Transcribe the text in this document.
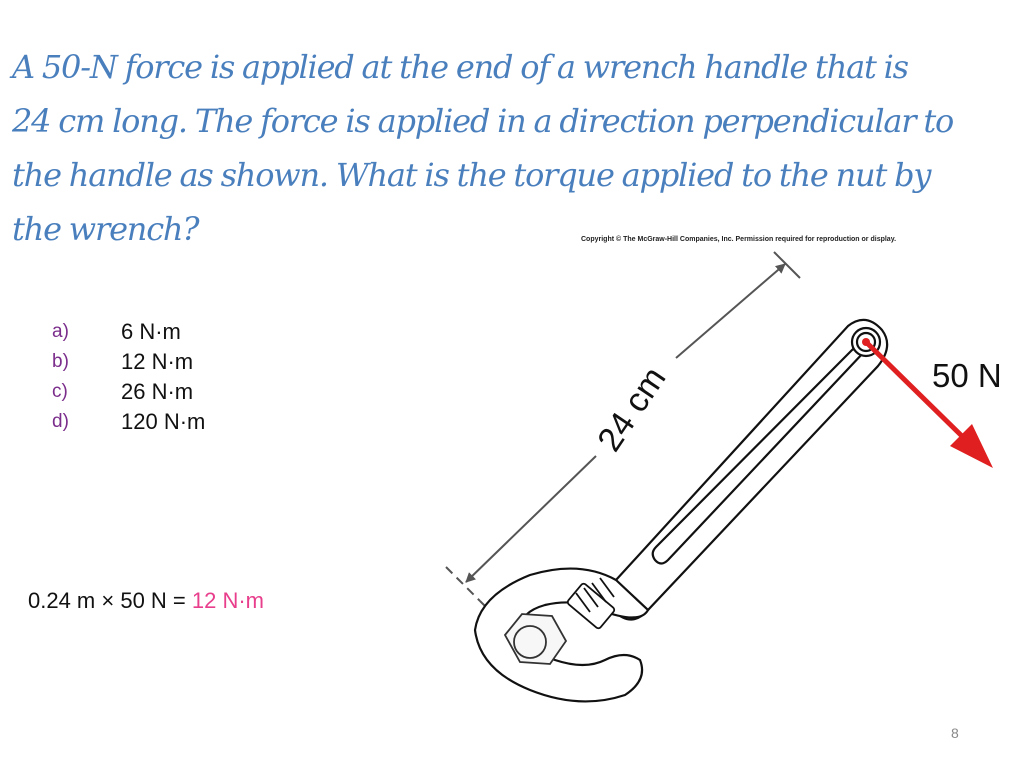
A 50-N force is applied at the end of a wrench handle that is
24 cm long. The force is applied in a direction perpendicular to
the handle as shown. What is the torque applied to the nut by
the wrench?
a)	6 N·m
b)	12 N·m
c)	26 N·m
d)	120 N·m
0.24 m × 50 N = 12 N·m
Copyright © The McGraw-Hill Companies, Inc. Permission required for reproduction or display.
24 cm	50 N
8
